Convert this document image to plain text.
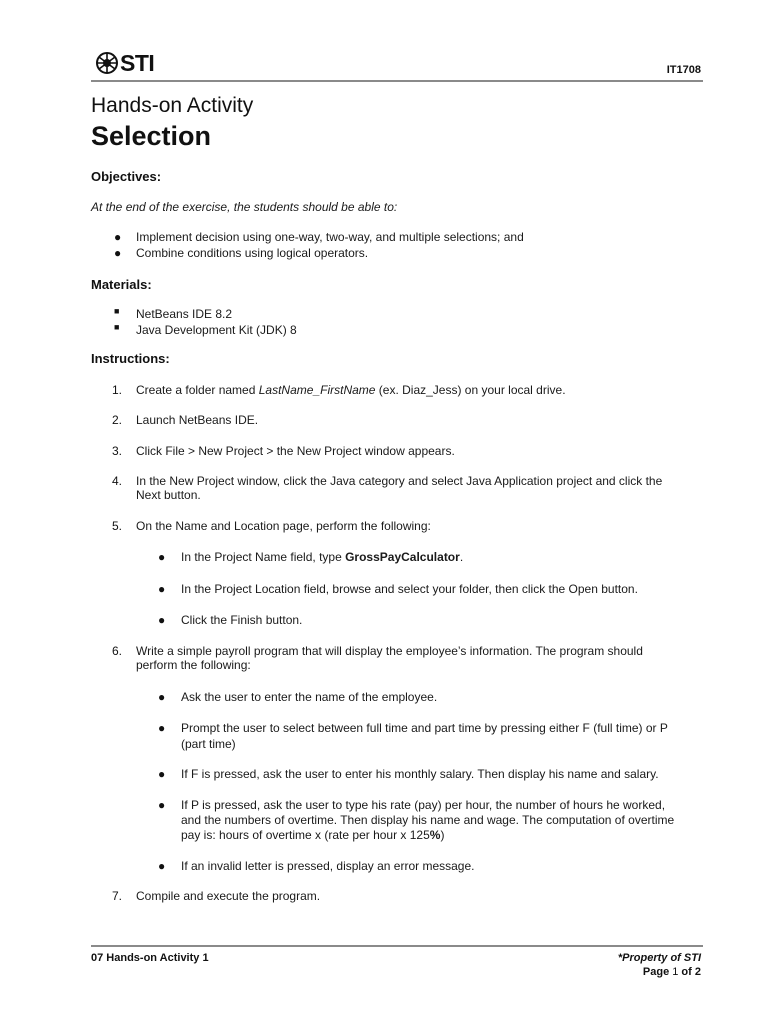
STI	IT1708
Hands-on Activity
Selection
Objectives:
At the end of the exercise, the students should be able to:
● Implement decision using one-way, two-way, and multiple selections; and
● Combine conditions using logical operators.
Materials:
■ NetBeans IDE 8.2
■ Java Development Kit (JDK) 8
Instructions:
1. Create a folder named LastName_FirstName (ex. Diaz_Jess) on your local drive.
2. Launch NetBeans IDE.
3. Click File > New Project > the New Project window appears.
4. In the New Project window, click the Java category and select Java Application project and click the
Next button.
5. On the Name and Location page, perform the following:
● In the Project Name field, type GrossPayCalculator.
● In the Project Location field, browse and select your folder, then click the Open button.
● Click the Finish button.
6. Write a simple payroll program that will display the employee’s information. The program should
perform the following:
● Ask the user to enter the name of the employee.
● Prompt the user to select between full time and part time by pressing either F (full time) or P
(part time)
● If F is pressed, ask the user to enter his monthly salary. Then display his name and salary.
● If P is pressed, ask the user to type his rate (pay) per hour, the number of hours he worked,
and the numbers of overtime. Then display his name and wage. The computation of overtime
pay is: hours of overtime x (rate per hour x 125%)
● If an invalid letter is pressed, display an error message.
7. Compile and execute the program.
07 Hands-on Activity 1	*Property of STI
Page 1 of 2
